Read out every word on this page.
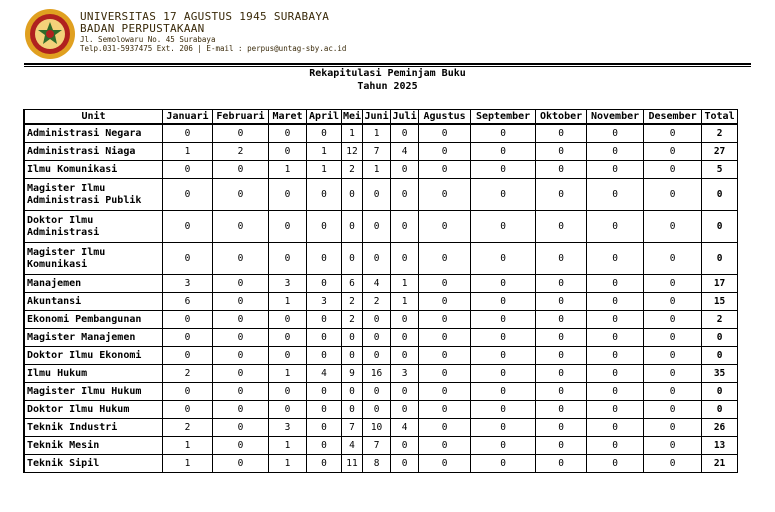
UNIVERSITAS 17 AGUSTUS 1945 SURABAYA
BADAN PERPUSTAKAAN
Jl. Semolowaru No. 45 Surabaya
Telp.031-5937475 Ext. 206 | E-mail : perpus@untag-sby.ac.id
Rekapitulasi Peminjam Buku
Tahun 2025
Unit	Januari	Februari	Maret	April	Mei	Juni	Juli	Agustus	September	Oktober	November	Desember	Total
Administrasi Negara	0	0	0	0	1	1	0	0	0	0	0	0	2
Administrasi Niaga	1	2	0	1	12	7	4	0	0	0	0	0	27
Ilmu Komunikasi	0	0	1	1	2	1	0	0	0	0	0	0	5
Magister Ilmu Administrasi Publik	0	0	0	0	0	0	0	0	0	0	0	0	0
Doktor Ilmu Administrasi	0	0	0	0	0	0	0	0	0	0	0	0	0
Magister Ilmu Komunikasi	0	0	0	0	0	0	0	0	0	0	0	0	0
Manajemen	3	0	3	0	6	4	1	0	0	0	0	0	17
Akuntansi	6	0	1	3	2	2	1	0	0	0	0	0	15
Ekonomi Pembangunan	0	0	0	0	2	0	0	0	0	0	0	0	2
Magister Manajemen	0	0	0	0	0	0	0	0	0	0	0	0	0
Doktor Ilmu Ekonomi	0	0	0	0	0	0	0	0	0	0	0	0	0
Ilmu Hukum	2	0	1	4	9	16	3	0	0	0	0	0	35
Magister Ilmu Hukum	0	0	0	0	0	0	0	0	0	0	0	0	0
Doktor Ilmu Hukum	0	0	0	0	0	0	0	0	0	0	0	0	0
Teknik Industri	2	0	3	0	7	10	4	0	0	0	0	0	26
Teknik Mesin	1	0	1	0	4	7	0	0	0	0	0	0	13
Teknik Sipil	1	0	1	0	11	8	0	0	0	0	0	0	21
